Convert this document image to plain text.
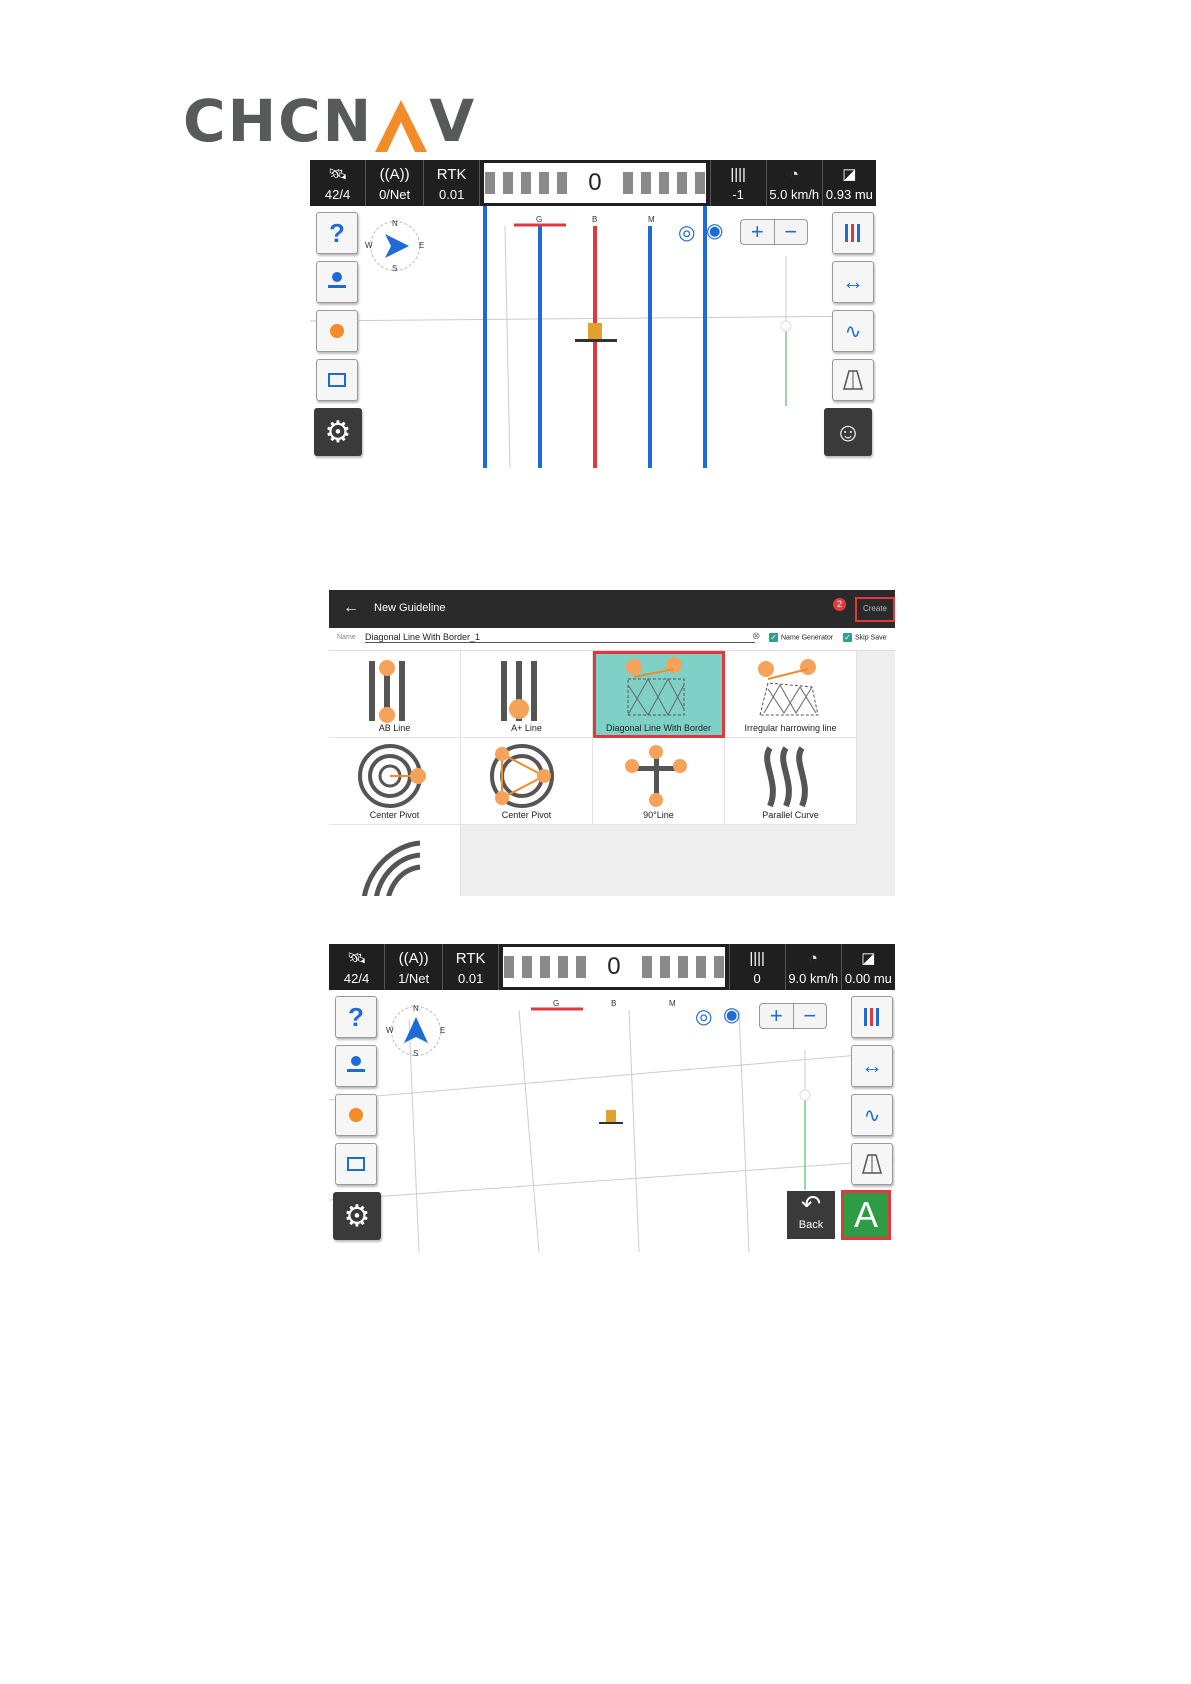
CHCN V
🛰
42/4
((A))
0/Net
RTK
0.01	0	||||
-1
◔
5.0 km/h
◪
0.93 mu
G	B	M
N
S
E
W
?
⚙
◎ ◉ + −
↔
∿
☺
← New Guideline	2	Create
Name Diagonal Line With Border_1	⊗ ✓ Name Generator ✓ Skip Save
AB Line	A+ Line	Diagonal Line With Border	Irregular harrowing line
Center Pivot	Center Pivot	90°Line	Parallel Curve
🛰
42/4
((A))
1/Net
RTK
0.01	0	||||
0
◔
9.0 km/h
◪
0.00 mu
G	B	M
N
S
E
W
?
⚙
◎ ◉ + −
↔
∿
↶
Back A
